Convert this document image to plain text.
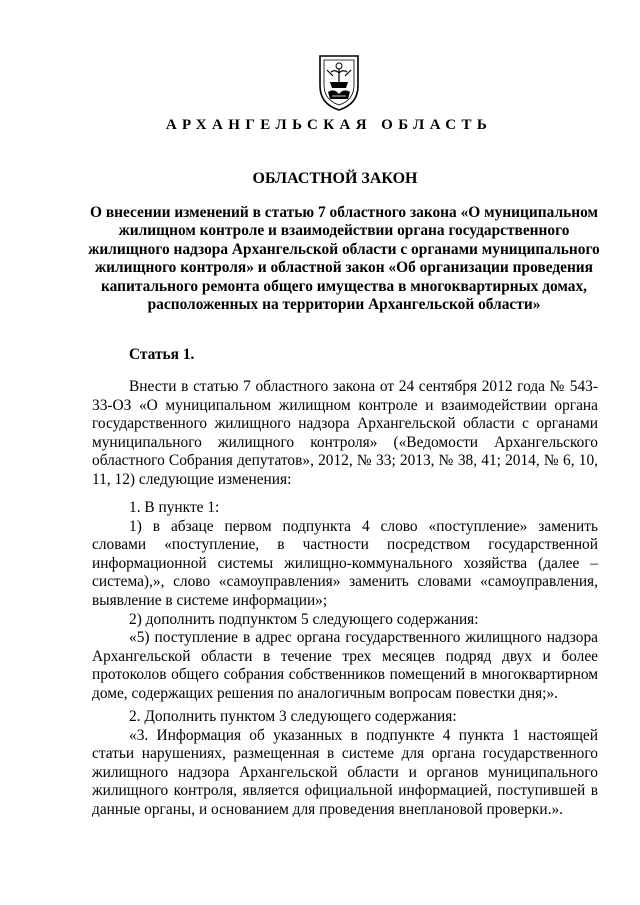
АРХАНГЕЛЬСКАЯ ОБЛАСТЬ
ОБЛАСТНОЙ ЗАКОН
О внесении изменений в статью 7 областного закона «О муниципальном жилищном контроле и взаимодействии органа государственного жилищного надзора Архангельской области с органами муниципального жилищного контроля» и областной закон «Об организации проведения капитального ремонта общего имущества в многоквартирных домах, расположенных на территории Архангельской области»
Статья 1.

Внести в статью 7 областного закона от 24 сентября 2012 года № 543-33-ОЗ «О муниципальном жилищном контроле и взаимодействии органа государственного жилищного надзора Архангельской области с органами муниципального жилищного контроля» («Ведомости Архангельского областного Собрания депутатов», 2012, № 33; 2013, № 38, 41; 2014, № 6, 10, 11, 12) следующие изменения:

1. В пункте 1:

1) в абзаце первом подпункта 4 слово «поступление» заменить словами «поступление, в частности посредством государственной информационной системы жилищно-коммунального хозяйства (далее – система),», слово «самоуправления» заменить словами «самоуправления, выявление в системе информации»;

2) дополнить подпунктом 5 следующего содержания:

«5) поступление в адрес органа государственного жилищного надзора Архангельской области в течение трех месяцев подряд двух и более протоколов общего собрания собственников помещений в многоквартирном доме, содержащих решения по аналогичным вопросам повестки дня;».

2. Дополнить пунктом 3 следующего содержания:

«3. Информация об указанных в подпункте 4 пункта 1 настоящей статьи нарушениях, размещенная в системе для органа государственного жилищного надзора Архангельской области и органов муниципального жилищного контроля, является официальной информацией, поступившей в данные органы, и основанием для проведения внеплановой проверки.».
